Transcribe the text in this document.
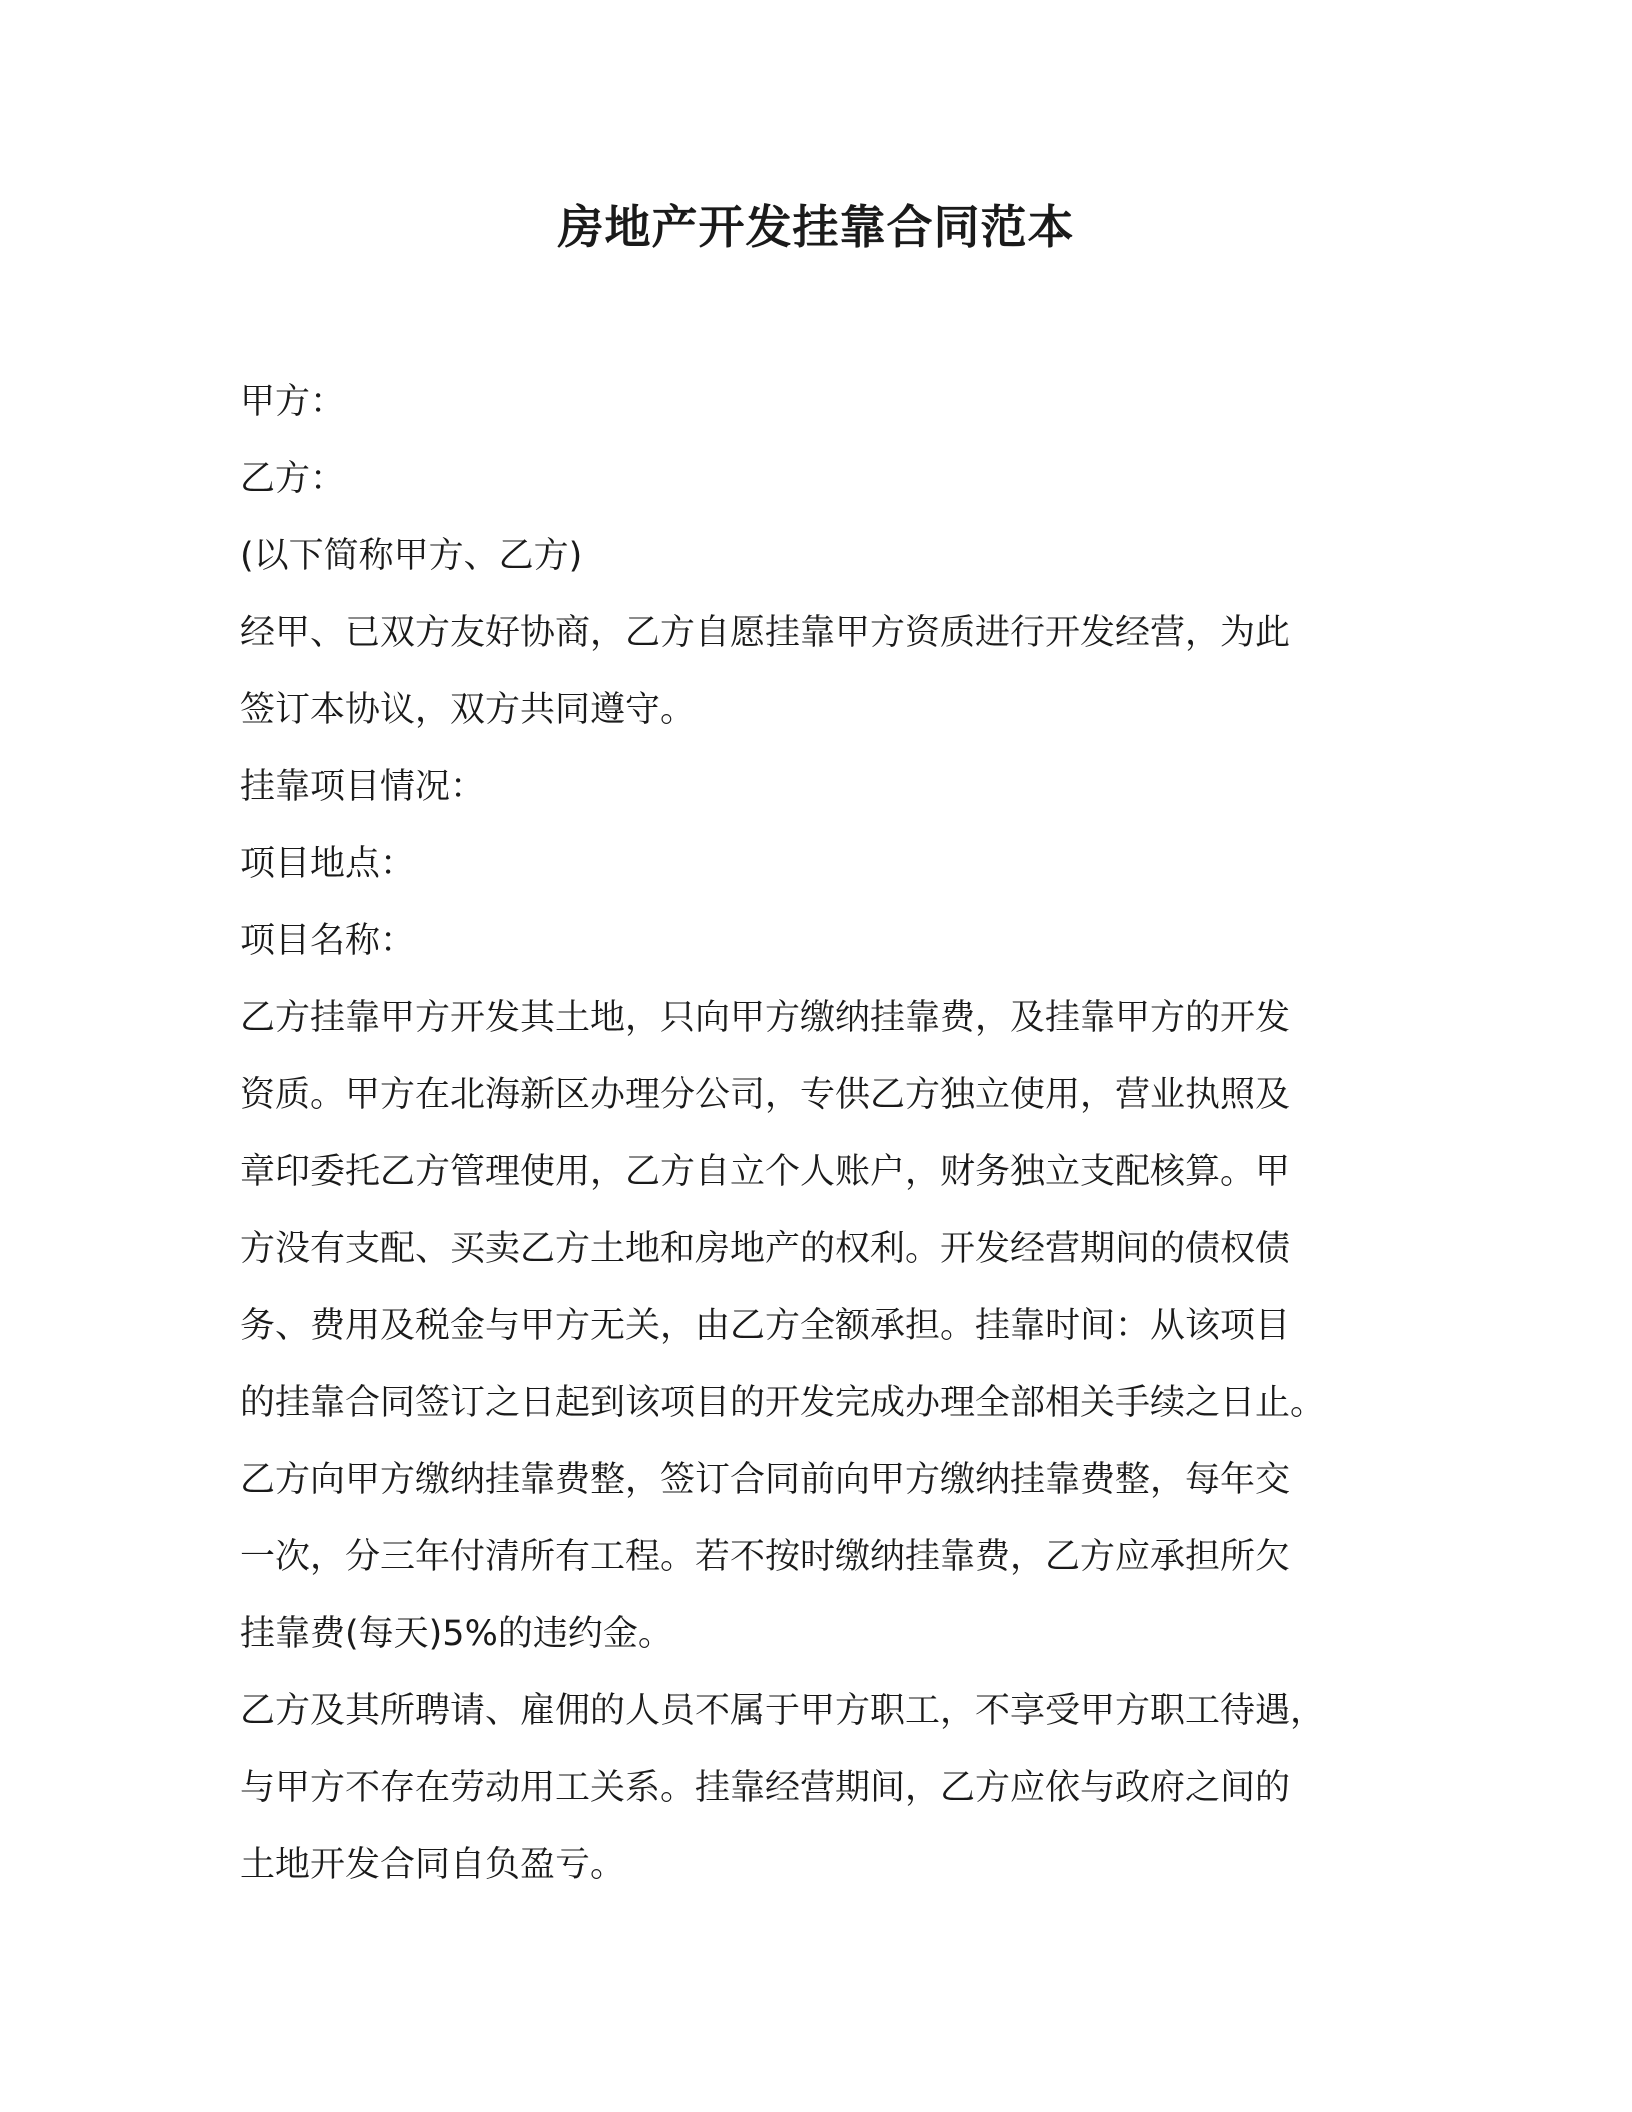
房地产开发挂靠合同范本
甲方：
乙方：
(以下简称甲方、乙方)
经甲、已双方友好协商，乙方自愿挂靠甲方资质进行开发经营，为此
签订本协议，双方共同遵守。
挂靠项目情况：
项目地点：
项目名称：
乙方挂靠甲方开发其土地，只向甲方缴纳挂靠费，及挂靠甲方的开发
资质。甲方在北海新区办理分公司，专供乙方独立使用，营业执照及
章印委托乙方管理使用，乙方自立个人账户，财务独立支配核算。甲
方没有支配、买卖乙方土地和房地产的权利。开发经营期间的债权债
务、费用及税金与甲方无关，由乙方全额承担。挂靠时间：从该项目
的挂靠合同签订之日起到该项目的开发完成办理全部相关手续之日止。
乙方向甲方缴纳挂靠费整，签订合同前向甲方缴纳挂靠费整，每年交
一次，分三年付清所有工程。若不按时缴纳挂靠费，乙方应承担所欠
挂靠费(每天)5%的违约金。
乙方及其所聘请、雇佣的人员不属于甲方职工，不享受甲方职工待遇，
与甲方不存在劳动用工关系。挂靠经营期间，乙方应依与政府之间的
土地开发合同自负盈亏。
